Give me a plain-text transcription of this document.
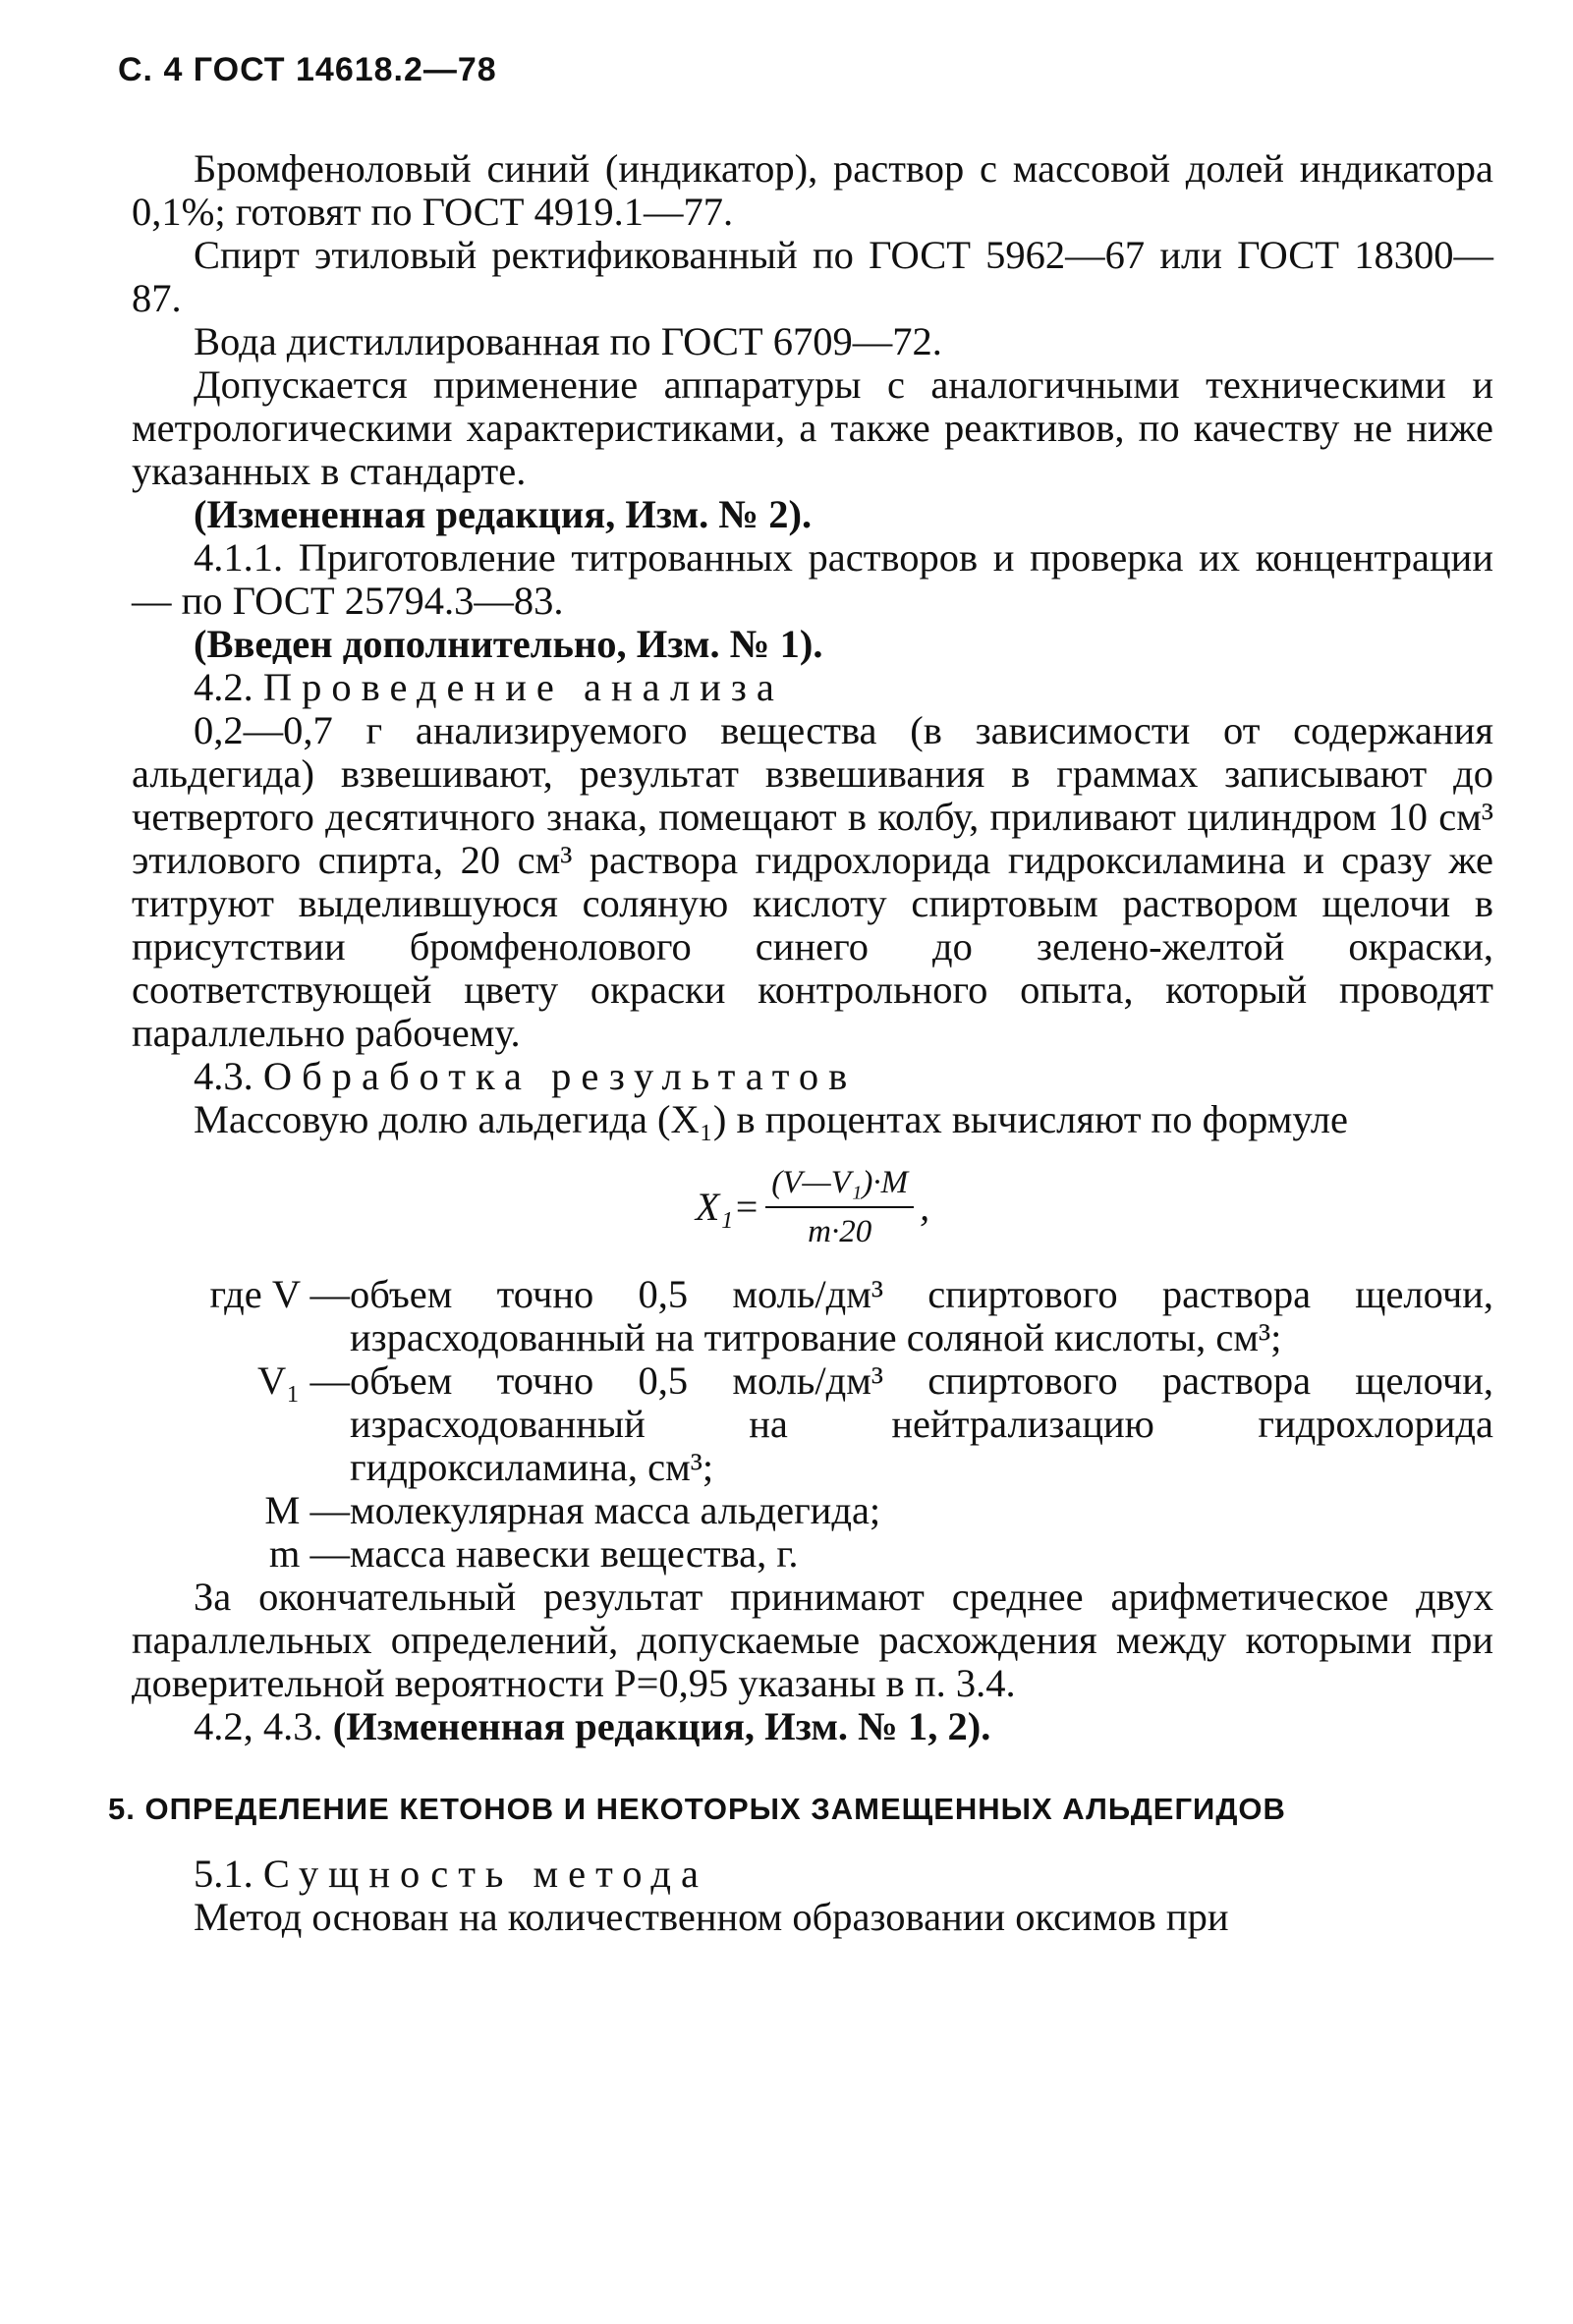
С. 4 ГОСТ 14618.2—78

Бромфеноловый синий (индикатор), раствор с массовой долей индикатора 0,1%; готовят по ГОСТ 4919.1—77.

Спирт этиловый ректификованный по ГОСТ 5962—67 или ГОСТ 18300—87.

Вода дистиллированная по ГОСТ 6709—72.

Допускается применение аппаратуры с аналогичными техническими и метрологическими характеристиками, а также реактивов, по качеству не ниже указанных в стандарте.

(Измененная редакция, Изм. № 2).

4.1.1. Приготовление титрованных растворов и проверка их концентрации — по ГОСТ 25794.3—83.

(Введен дополнительно, Изм. № 1).

4.2. Проведение анализа

0,2—0,7 г анализируемого вещества (в зависимости от содержания альдегида) взвешивают, результат взвешивания в граммах записывают до четвертого десятичного знака, помещают в колбу, приливают цилиндром 10 см³ этилового спирта, 20 см³ раствора гидрохлорида гидроксиламина и сразу же титруют выделившуюся соляную кислоту спиртовым раствором щелочи в присутствии бромфенолового синего до зелено-желтой окраски, соответствующей цвету окраски контрольного опыта, который проводят параллельно рабочему.

4.3. Обработка результатов

Массовую долю альдегида (X₁) в процентах вычисляют по формуле

$X_1= \frac{\text{(V—V₁)·M}}{m\cdot 20}$ ,
где V — объем точно 0,5 моль/дм³ спиртового раствора щелочи, израсходованный на титрование соляной кислоты, см³;
V₁ — объем точно 0,5 моль/дм³ спиртового раствора щелочи, израсходованный на нейтрализацию гидрохлорида гидроксиламина, см³;
M — молекулярная масса альдегида;
m — масса навески вещества, г.

За окончательный результат принимают среднее арифметическое двух параллельных определений, допускаемые расхождения между которыми при доверительной вероятности P=0,95 указаны в п. 3.4.

4.2, 4.3. (Измененная редакция, Изм. № 1, 2).

5. ОПРЕДЕЛЕНИЕ КЕТОНОВ И НЕКОТОРЫХ ЗАМЕЩЕННЫХ АЛЬДЕГИДОВ

5.1. Сущность метода

Метод основан на количественном образовании оксимов при
